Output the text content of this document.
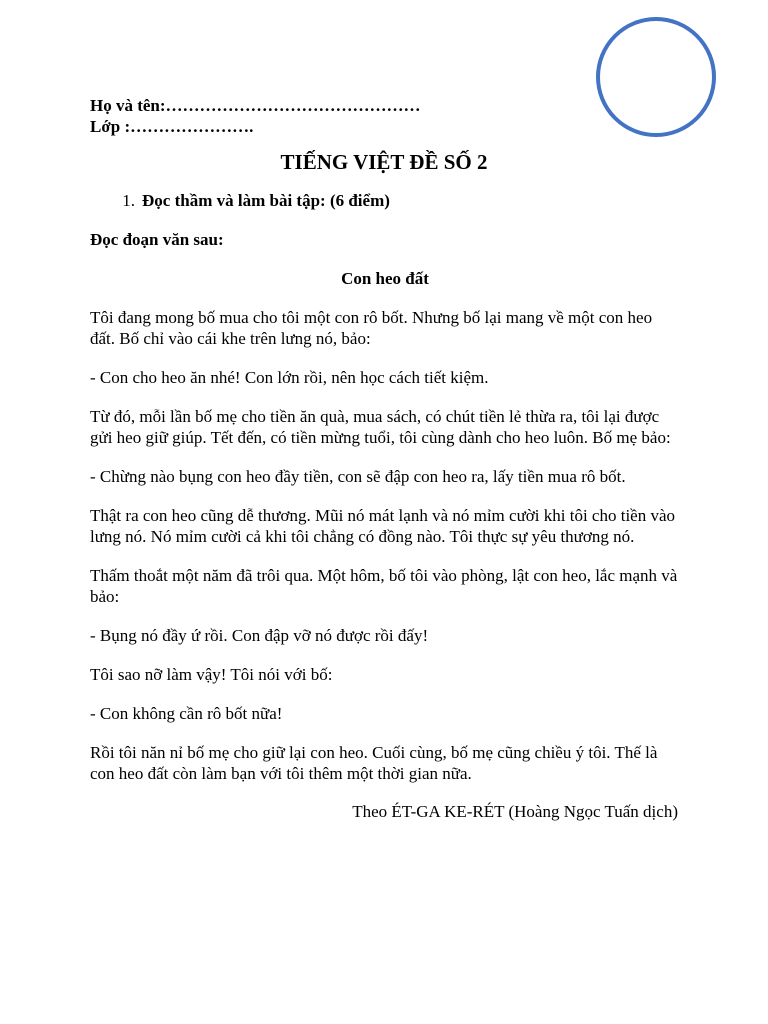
Họ và tên:………………………………………

Lớp :………………….

TIẾNG VIỆT ĐỀ SỐ 2
1. Đọc thầm và làm bài tập: (6 điểm)
Đọc đoạn văn sau:
Con heo đất

Tôi đang mong bố mua cho tôi một con rô bốt. Nhưng bố lại mang về một con heo đất. Bố chỉ vào cái khe trên lưng nó, bảo:

- Con cho heo ăn nhé! Con lớn rồi, nên học cách tiết kiệm.

Từ đó, mỗi lần bố mẹ cho tiền ăn quà, mua sách, có chút tiền lẻ thừa ra, tôi lại được gửi heo giữ giúp. Tết đến, có tiền mừng tuổi, tôi cùng dành cho heo luôn. Bố mẹ bảo:

- Chừng nào bụng con heo đầy tiền, con sẽ đập con heo ra, lấy tiền mua rô bốt.

Thật ra con heo cũng dễ thương. Mũi nó mát lạnh và nó mỉm cười khi tôi cho tiền vào lưng nó. Nó mỉm cười cả khi tôi chẳng có đồng nào. Tôi thực sự yêu thương nó.

Thấm thoắt một năm đã trôi qua. Một hôm, bố tôi vào phòng, lật con heo, lắc mạnh và bảo:

- Bụng nó đầy ứ rồi. Con đập vỡ nó được rồi đấy!

Tôi sao nỡ làm vậy! Tôi nói với bố:

- Con không cần rô bốt nữa!

Rồi tôi năn nỉ bố mẹ cho giữ lại con heo. Cuối cùng, bố mẹ cũng chiều ý tôi. Thế là con heo đất còn làm bạn với tôi thêm một thời gian nữa.

Theo ÉT-GA KE-RÉT (Hoàng Ngọc Tuấn dịch)
